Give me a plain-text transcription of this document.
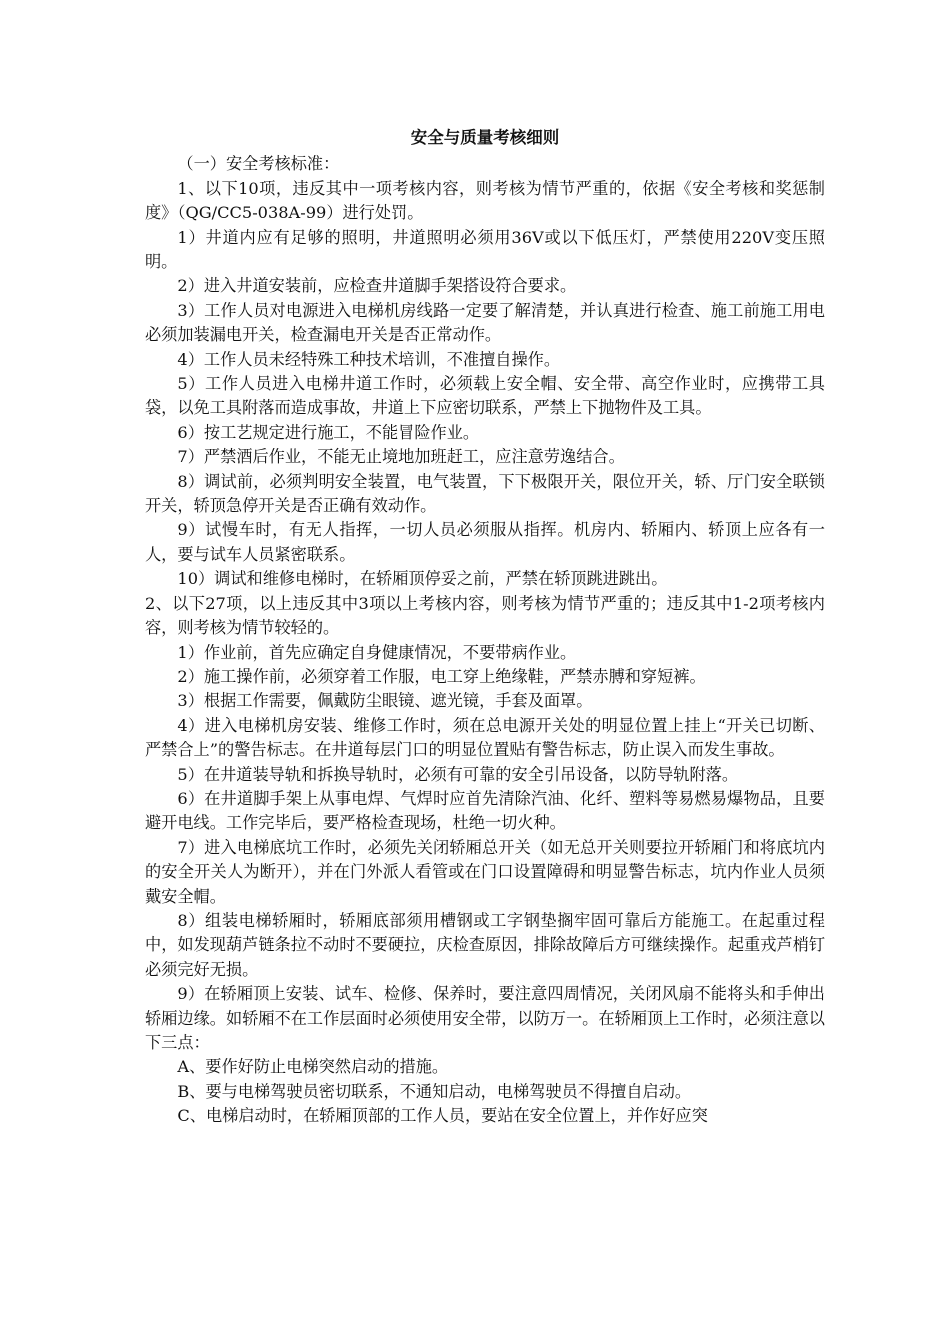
安全与质量考核细则
（一）安全考核标准：
1、以下10项，违反其中一项考核内容，则考核为情节严重的，依据《安全考核和奖惩制度》（QG/CC5-038A-99）进行处罚。
1）井道内应有足够的照明，井道照明必须用36V或以下低压灯，严禁使用220V变压照明。
2）进入井道安装前，应检查井道脚手架搭设符合要求。
3）工作人员对电源进入电梯机房线路一定要了解清楚，并认真进行检查、施工前施工用电必须加装漏电开关，检查漏电开关是否正常动作。
4）工作人员未经特殊工种技术培训，不准擅自操作。
5）工作人员进入电梯井道工作时，必须载上安全帽、安全带、高空作业时，应携带工具袋，以免工具附落而造成事故，井道上下应密切联系，严禁上下抛物件及工具。
6）按工艺规定进行施工，不能冒险作业。
7）严禁酒后作业，不能无止境地加班赶工，应注意劳逸结合。
8）调试前，必须判明安全装置，电气装置，下下极限开关，限位开关，轿、厅门安全联锁开关，轿顶急停开关是否正确有效动作。
9）试慢车时，有无人指挥，一切人员必须服从指挥。机房内、轿厢内、轿顶上应各有一人，要与试车人员紧密联系。
10）调试和维修电梯时，在轿厢顶停妥之前，严禁在轿顶跳进跳出。
2、以下27项，以上违反其中3项以上考核内容，则考核为情节严重的；违反其中1-2项考核内容，则考核为情节较轻的。
1）作业前，首先应确定自身健康情况，不要带病作业。
2）施工操作前，必须穿着工作服，电工穿上绝缘鞋，严禁赤膊和穿短裤。
3）根据工作需要，佩戴防尘眼镜、遮光镜，手套及面罩。
4）进入电梯机房安装、维修工作时，须在总电源开关处的明显位置上挂上“开关已切断、严禁合上”的警告标志。在井道每层门口的明显位置贴有警告标志，防止误入而发生事故。
5）在井道装导轨和拆换导轨时，必须有可靠的安全引吊设备，以防导轨附落。
6）在井道脚手架上从事电焊、气焊时应首先清除汽油、化纤、塑料等易燃易爆物品，且要避开电线。工作完毕后，要严格检查现场，杜绝一切火种。
7）进入电梯底坑工作时，必须先关闭轿厢总开关（如无总开关则要拉开轿厢门和将底坑内的安全开关人为断开），并在门外派人看管或在门口设置障碍和明显警告标志，坑内作业人员须戴安全帽。
8）组装电梯轿厢时，轿厢底部须用槽钢或工字钢垫搁牢固可靠后方能施工。在起重过程中，如发现葫芦链条拉不动时不要硬拉，庆检查原因，排除故障后方可继续操作。起重戎芦梢钉必须完好无损。
9）在轿厢顶上安装、试车、检修、保养时，要注意四周情况，关闭风扇不能将头和手伸出轿厢边缘。如轿厢不在工作层面时必须使用安全带，以防万一。在轿厢顶上工作时，必须注意以下三点：
A、要作好防止电梯突然启动的措施。
B、要与电梯驾驶员密切联系，不通知启动，电梯驾驶员不得擅自启动。
C、电梯启动时，在轿厢顶部的工作人员，要站在安全位置上，并作好应突
